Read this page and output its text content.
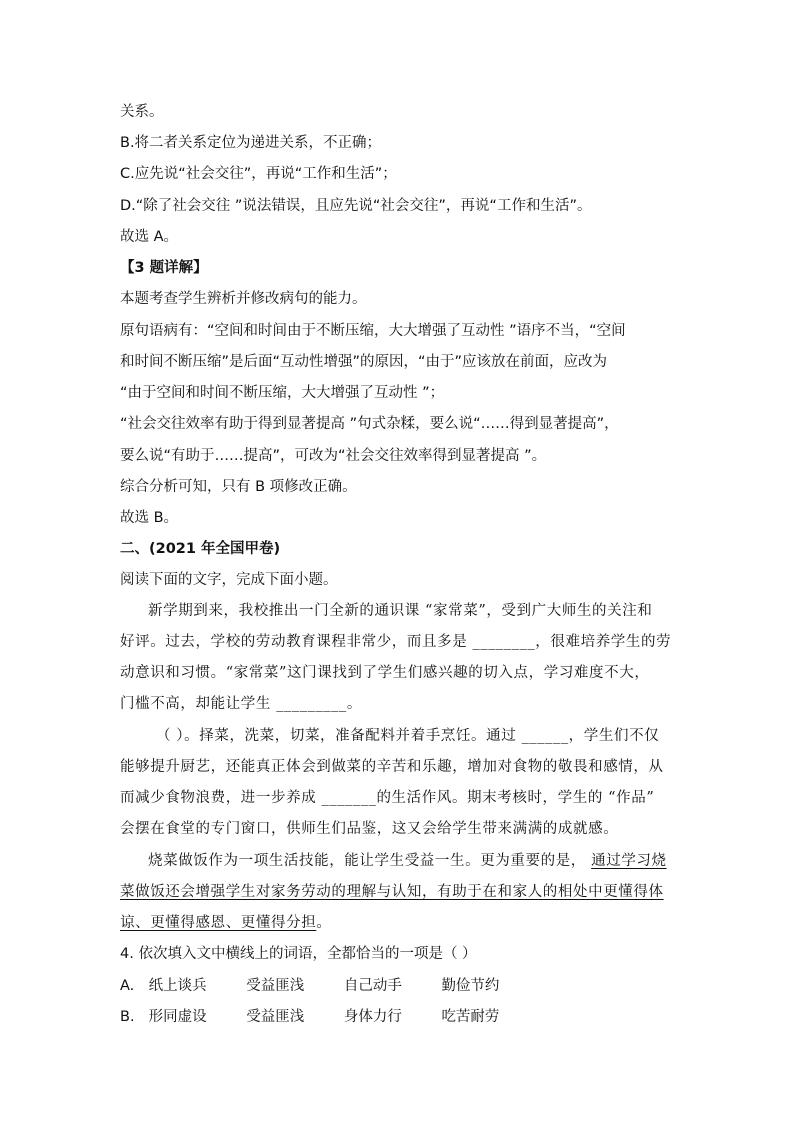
关系。
B.将二者关系定位为递进关系，不正确；
C.应先说“社会交往”，再说“工作和生活”；
D.“除了社会交往 ”说法错误，且应先说“社会交往”，再说“工作和生活”。
故选 A。
【3 题详解】
本题考查学生辨析并修改病句的能力。
原句语病有：“空间和时间由于不断压缩，大大增强了互动性 ”语序不当，“空间
和时间不断压缩”是后面“互动性增强”的原因，“由于”应该放在前面，应改为
“由于空间和时间不断压缩，大大增强了互动性 ”；
“社会交往效率有助于得到显著提高 ”句式杂糅，要么说“……得到显著提高”，
要么说“有助于……提高”，可改为“社会交往效率得到显著提高 ”。
综合分析可知，只有 B 项修改正确。
故选 B。
二、(2021 年全国甲卷)
阅读下面的文字，完成下面小题。
新学期到来，我校推出一门全新的通识课 “家常菜”，受到广大师生的关注和
好评。过去，学校的劳动教育课程非常少，而且多是 ________，很难培养学生的劳
动意识和习惯。“家常菜”这门课找到了学生们感兴趣的切入点，学习难度不大，
门槛不高，却能让学生 _________。
（ ）。择菜，洗菜，切菜，准备配料并着手烹饪。通过 ______，学生们不仅
能够提升厨艺，还能真正体会到做菜的辛苦和乐趣，增加对食物的敬畏和感情，从
而减少食物浪费，进一步养成 _______的生活作风。期末考核时，学生的 “作品”
会摆在食堂的专门窗口，供师生们品鉴，这又会给学生带来满满的成就感。
烧菜做饭作为一项生活技能，能让学生受益一生。更为重要的是， 通过学习烧
菜做饭还会增强学生对家务劳动的理解与认知，有助于在和家人的相处中更懂得体
谅、更懂得感恩、更懂得分担。
4. 依次填入文中横线上的词语，全都恰当的一项是（ ）
A. 纸上谈兵	受益匪浅	自己动手	勤俭节约
B. 形同虚设	受益匪浅	身体力行	吃苦耐劳
